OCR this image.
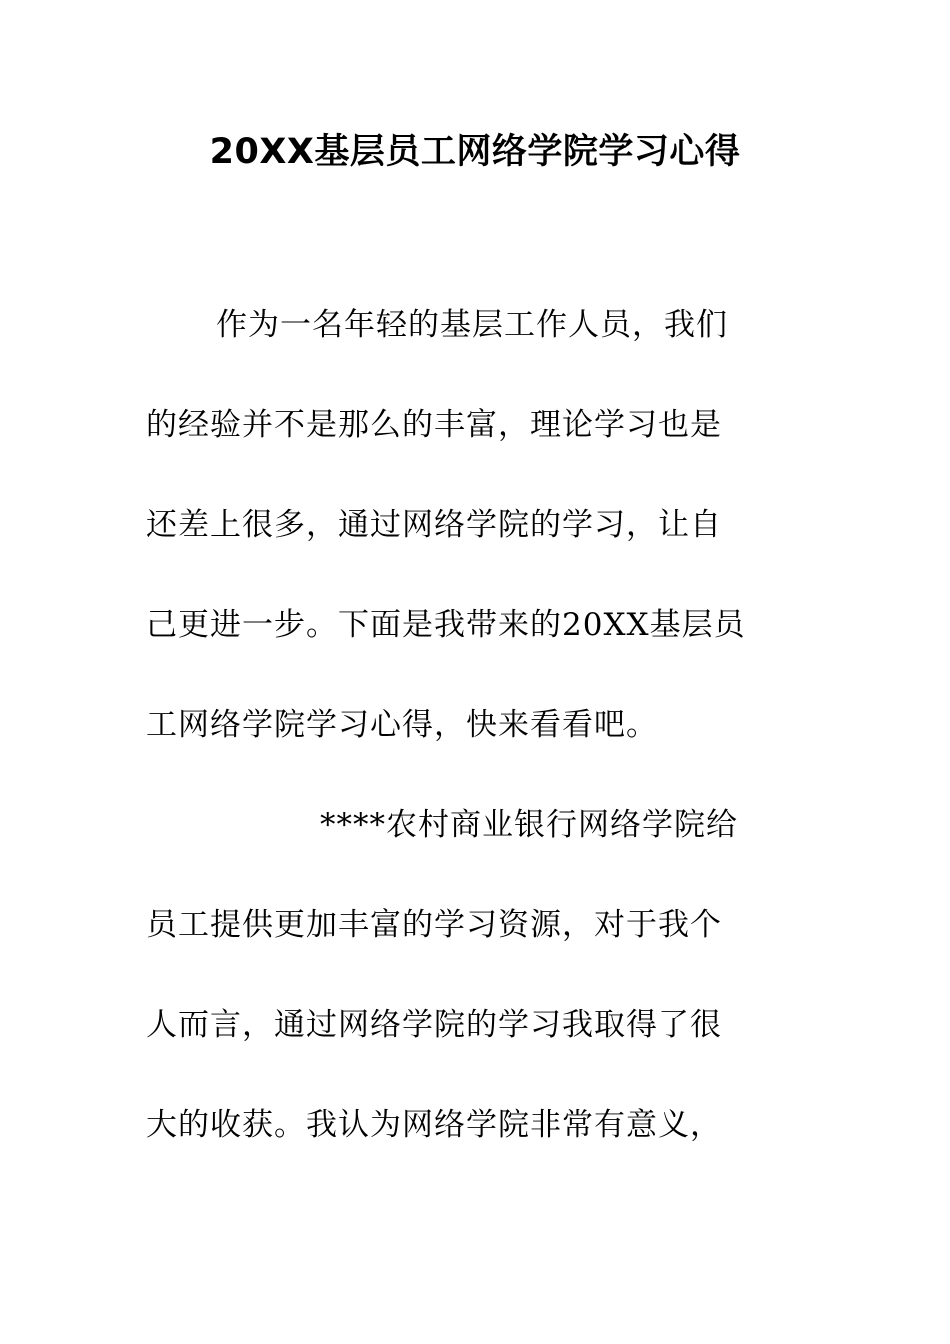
20XX基层员工网络学院学习心得
作为一名年轻的基层工作人员，我们
的经验并不是那么的丰富，理论学习也是
还差上很多，通过网络学院的学习，让自
己更进一步。下面是我带来的20XX基层员
工网络学院学习心得，快来看看吧。
****农村商业银行网络学院给
员工提供更加丰富的学习资源，对于我个
人而言，通过网络学院的学习我取得了很
大的收获。我认为网络学院非常有意义，
